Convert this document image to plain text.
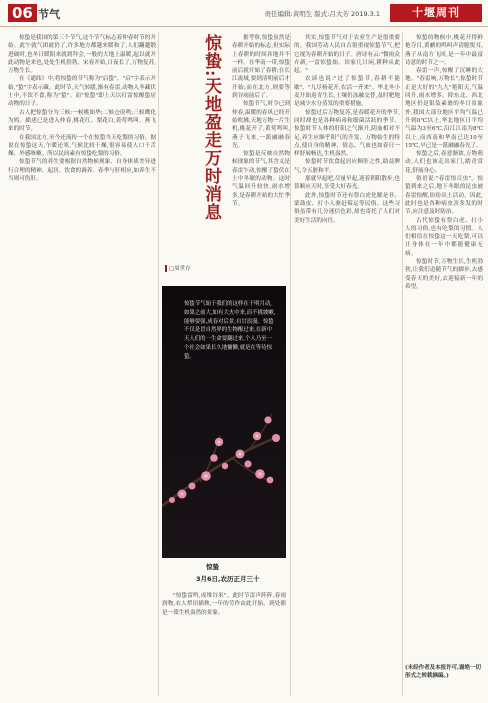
06 节气	责任编辑:黄明生 版式:吕大芳 2019.3.1	十堰周刊

惊蛰是我国的第三个节气,这个节气标志着仲春时节的开始。此午就气团就仍了,许多地方都越来暖和了,人们翻越锻进破时,也冬日暖阳来就到拜会,一般的大地上温暖,起以就开此动物是来也,处处生机勃勃。宋春开始,日夜长了,万物复苏,万物生长。

在《通纬》中,将惊蛰的节气称为"启蛰"。"启"字表示开始,"蛰"字表示藏。此时节,天气转暖,渐有春雷,动物入冬藏伏土中,不饮不食,称为"蛰"。而"惊蛰"即上天以打雷惊醒蛰居动物的日子。

古人把惊蛰分为三候:一候桃始华;二候仓庚鸣;三候鹰化为鸠。描述已是进入仲春,桃花红、梨花白,黄莺鸣叫、燕飞来的时节。

在我国北方,至今还流传一个在惊蛰当天吃梨的习俗。据说在惊蛰这天,乍暖还寒,气候比较干燥,很容易使人口干舌燥、外感咳嗽。所以民间素有惊蛰吃梨的习俗。

惊蛰节气的养生要根据自然物候现象、自身体质差异进行合理的精神、起居、饮食的调养。春季与肝相应,如养生不当则可伤肝。	惊蛰:天地盈走万时消息
□周世存
惊蛰节气始于我们的这样在于明月动,如果之前大,如有大火中来,而不挑坡嗽,能够要强,成春对后景,自甘浪漫。惊蛰不仅是冒自然界的生物醒过来,在新中天人们的一生命要翻过来,个人乃至一个社会如果长久地慵懒,就是在等待惊蛰。
惊蛰
3月6日,农历正月三十

据考察,惊蛰虽然是春耕开始的标志,但实际上春耕的时间各地并不一样。在华南一带,惊蛰前后就开始了春耕;在长江流域,要到清明前后才开始;而在北方,则要等到谷雨前后了。

惊蛰节气,时令已到仲春,温暖的春风已经开始吹拂,天地万物一片生机,桃花开了,黄莺鸣叫,燕子飞来,一派融融春光。

惊蛰是反映自然物候现象的节气,其含义是春雷乍动,惊醒了蛰伏在土中冬眠的动物。这时气温回升较快,雨水增多,是春耕开始的大忙季节。

"惊蛰雷鸣,成堆谷米"。此时节雷声阵阵,春雨润物,农人犁田插秧,一年的劳作由此开始。到处都是一派生机盎然的景象。

其实,惊蛰节气对于农业生产是很重要的。我国劳动人民自古很重视惊蛰节气,把它视为春耕开始的日子。唐诗有云:"微雨众卉新,一雷惊蛰始。田家几日闲,耕种从此起。"

农谚也说:"过了惊蛰节,春耕不能歇"、"九尽杨花开,农活一齐来"。华北冬小麦开始返青生长,土壤仍冻融交替,及时耙地是减少水分蒸发的重要措施。

惊蛰过后万物复苏,是春暖花开的季节,同时却也是各种病毒和细菌活跃的季节。惊蛰时节人体的肝阳之气渐升,阴血相对不足,养生应顺乎阳气的升发、万物始生的特点,使自身的精神、情志、气血也如春日一样舒展畅达,生机盎然。

惊蛰时节饮食起居应顺肝之性,助益脾气,令五脏和平。

那就早起吧,尽量早起,迎着朝阳散步,也算顺应天时,享受大好春光。

此外,惊蛰时节还有祭白虎化解是非、蒙鼓皮、打小人驱赶霉运等民俗。这些习俗虽带有几分迷信色彩,却也寄托了人们对美好生活的向往。

惊蛰的物候中,桃花开得鲜艳夺目,黄鹂的鸣叫声清脆悦耳,燕子从南方飞回,是一年中最富诗意的时节之一。

春雷一声,惊醒了沉睡的大地。"春雷响,万物长",惊蛰时节正是大好的"九九"艳阳天,气温回升,雨水增多。除东北、西北地区仍是银装素裹的冬日景象外,我国大部分地区平均气温已升到0℃以上,华北地区日平均气温为3至6℃,沿江江南为8℃以上,而西南和华南已达10至15℃,早已是一派融融春光了。

惊蛰之后,春意渐浓,万物萌动,人们也该走出家门,踏青赏花,舒展身心。

俗语说:"春雷惊百虫"。惊蛰到来之后,地下冬眠的昆虫被春雷惊醒,纷纷出土活动。因此,此时也是各种病虫害多发的时节,应注意及时防治。

古代惊蛰有祭白虎、打小人的习俗,也有吃梨的习惯。人们相信在惊蛰这一天吃梨,可以让身体在一年中都能健康无病。

惊蛰时节,万物生长,生机勃勃,让我们追随节气的脚步,去感受春天的美好,去迎接新一年的希望。

(未经作者及本报许可,谢绝一切形式之转载摘编。)
